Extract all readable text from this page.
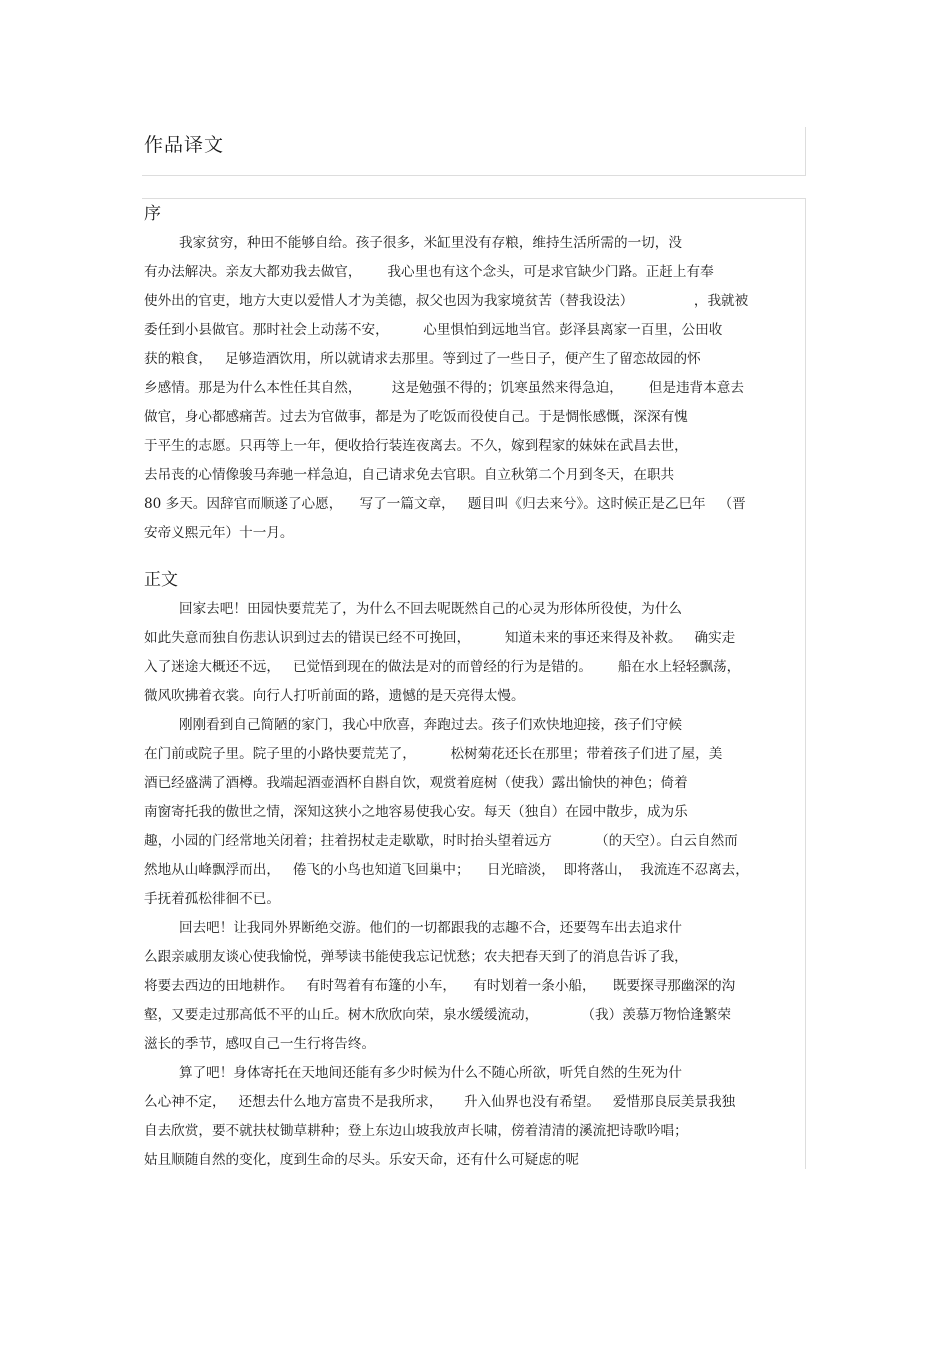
作品译文
序
我家贫穷，种田不能够自给。孩子很多，米缸里没有存粮，维持生活所需的一切，没
有办法解决。亲友大都劝我去做官，      我心里也有这个念头，可是求官缺少门路。正赶上有奉
使外出的官吏，地方大吏以爱惜人才为美德，叔父也因为我家境贫苦（替我设法）              ，我就被
委任到小县做官。那时社会上动荡不安，        心里惧怕到远地当官。彭泽县离家一百里，公田收
获的粮食，   足够造酒饮用，所以就请求去那里。等到过了一些日子，便产生了留恋故园的怀
乡感情。那是为什么本性任其自然，       这是勉强不得的；饥寒虽然来得急迫，      但是违背本意去
做官，身心都感痛苦。过去为官做事，都是为了吃饭而役使自己。于是惆怅感慨，深深有愧
于平生的志愿。只再等上一年，便收拾行装连夜离去。不久，嫁到程家的妹妹在武昌去世，
去吊丧的心情像骏马奔驰一样急迫，自己请求免去官职。自立秋第二个月到冬天，在职共
80 多天。因辞官而顺遂了心愿，    写了一篇文章，   题目叫《归去来兮》。这时候正是乙巳年   （晋
安帝义熙元年）十一月。
正文
回家去吧！田园快要荒芜了，为什么不回去呢既然自己的心灵为形体所役使，为什么
如此失意而独自伤悲认识到过去的错误已经不可挽回，        知道未来的事还来得及补救。   确实走
入了迷途大概还不远，   已觉悟到现在的做法是对的而曾经的行为是错的。      船在水上轻轻飘荡，
微风吹拂着衣裳。向行人打听前面的路，遗憾的是天亮得太慢。
刚刚看到自己简陋的家门，我心中欣喜，奔跑过去。孩子们欢快地迎接，孩子们守候
在门前或院子里。院子里的小路快要荒芜了，        松树菊花还长在那里；带着孩子们进了屋，美
酒已经盛满了酒樽。我端起酒壶酒杯自斟自饮，观赏着庭树（使我）露出愉快的神色；倚着
南窗寄托我的傲世之情，深知这狭小之地容易使我心安。每天（独自）在园中散步，成为乐
趣，小园的门经常地关闭着；拄着拐杖走走歇歇，时时抬头望着远方          （的天空）。白云自然而
然地从山峰飘浮而出，   倦飞的小鸟也知道飞回巢中；    日光暗淡，  即将落山，  我流连不忍离去，
手抚着孤松徘徊不已。
回去吧！让我同外界断绝交游。他们的一切都跟我的志趣不合，还要驾车出去追求什
么跟亲戚朋友谈心使我愉悦，弹琴读书能使我忘记忧愁；农夫把春天到了的消息告诉了我，
将要去西边的田地耕作。   有时驾着有布篷的小车，    有时划着一条小船，    既要探寻那幽深的沟
壑，又要走过那高低不平的山丘。树木欣欣向荣，泉水缓缓流动，          （我）羡慕万物恰逢繁荣
滋长的季节，感叹自己一生行将告终。
算了吧！身体寄托在天地间还能有多少时候为什么不随心所欲，听凭自然的生死为什
么心神不定，   还想去什么地方富贵不是我所求，     升入仙界也没有希望。   爱惜那良辰美景我独
自去欣赏，要不就扶杖锄草耕种；登上东边山坡我放声长啸，傍着清清的溪流把诗歌吟唱；
姑且顺随自然的变化，度到生命的尽头。乐安天命，还有什么可疑虑的呢
